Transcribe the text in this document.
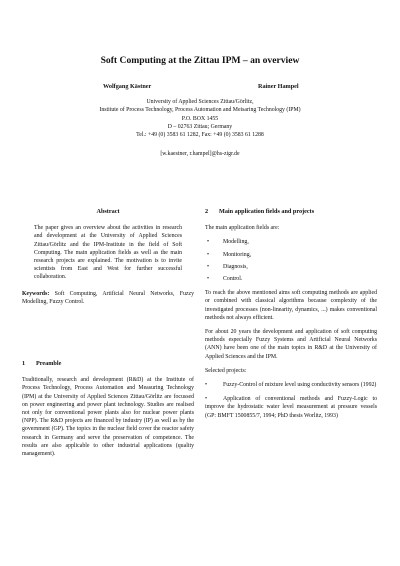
Soft Computing at the Zittau IPM – an overview
Wolfgang Kästner	Rainer Hampel
University of Applied Sciences Zittau/Görlitz,
Institute of Process Technology, Process Automation and Meisaring Technology (IPM)
P.O. BOX 1455
D – 02763 Zittau; Germany
Tel.: +49 (0) 3583 61 1282, Fax: +49 (0) 3583 61 1288
[w.kaestner, r.hampel]@hs-zigr.de
Abstract

The paper gives an overview about the activities in research and development at the University of Applied Sciences Zittau/Görlitz and the IPM-Institute in the field of Soft Computing. The main application fields as well as the main research projects are explained. The motivation is to invite scientists from East and West for further successful collaboration.

Keywords: Soft Computing, Artificial Neural Networks, Fuzzy Modelling, Fuzzy Control.
1 Preamble

Traditionally, research and development (R&D) at the Institute of Process Technology, Process Automation and Measuring Technology (IPM) at the University of Applied Sciences Zittau/Görlitz are focussed on power engineering and power plant technology. Studies are realised not only for conventional power plants also for nuclear power plants (NPP). The R&D projects are financed by industry (IP) as well as by the government (GP). The topics in the nuclear field cover the reactor safety research in Germany and serve the preservation of competence. The results are also applicable to other industrial applications (quality management).

2 Main application fields and projects

The main application fields are:

• Modelling,
• Monitoring,
• Diagnosis,
• Control.

To reach the above mentioned aims soft computing methods are applied or combined with classical algorithms because complexity of the investigated processes (non-linearity, dynamics, ...) makes conventional methods not always efficient.

For about 20 years the development and application of soft computing methods especially Fuzzy Systems and Artificial Neural Networks (ANN) have been one of the main topics in R&D at the University of Applied Sciences and the IPM.

Selected projects:

•	Fuzzy-Control of mixture level using conductivity sensors (1992)

•	Application of conventional methods and Fuzzy-Logic to improve the hydrostatic water level measurement at pressure vessels (GP: BMFT 1500855/7, 1994; PhD thesis Worlitz, 1993)
